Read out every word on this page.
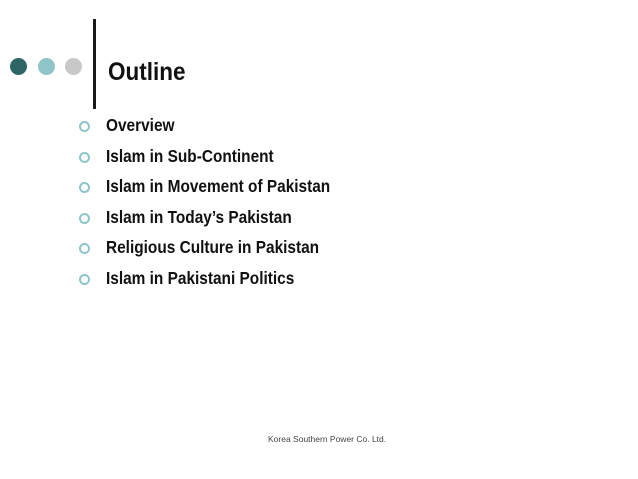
Outline
Overview
Islam in Sub-Continent
Islam in Movement of Pakistan
Islam in Today’s Pakistan
Religious Culture in Pakistan
Islam in Pakistani Politics
Korea Southern Power Co. Ltd.
